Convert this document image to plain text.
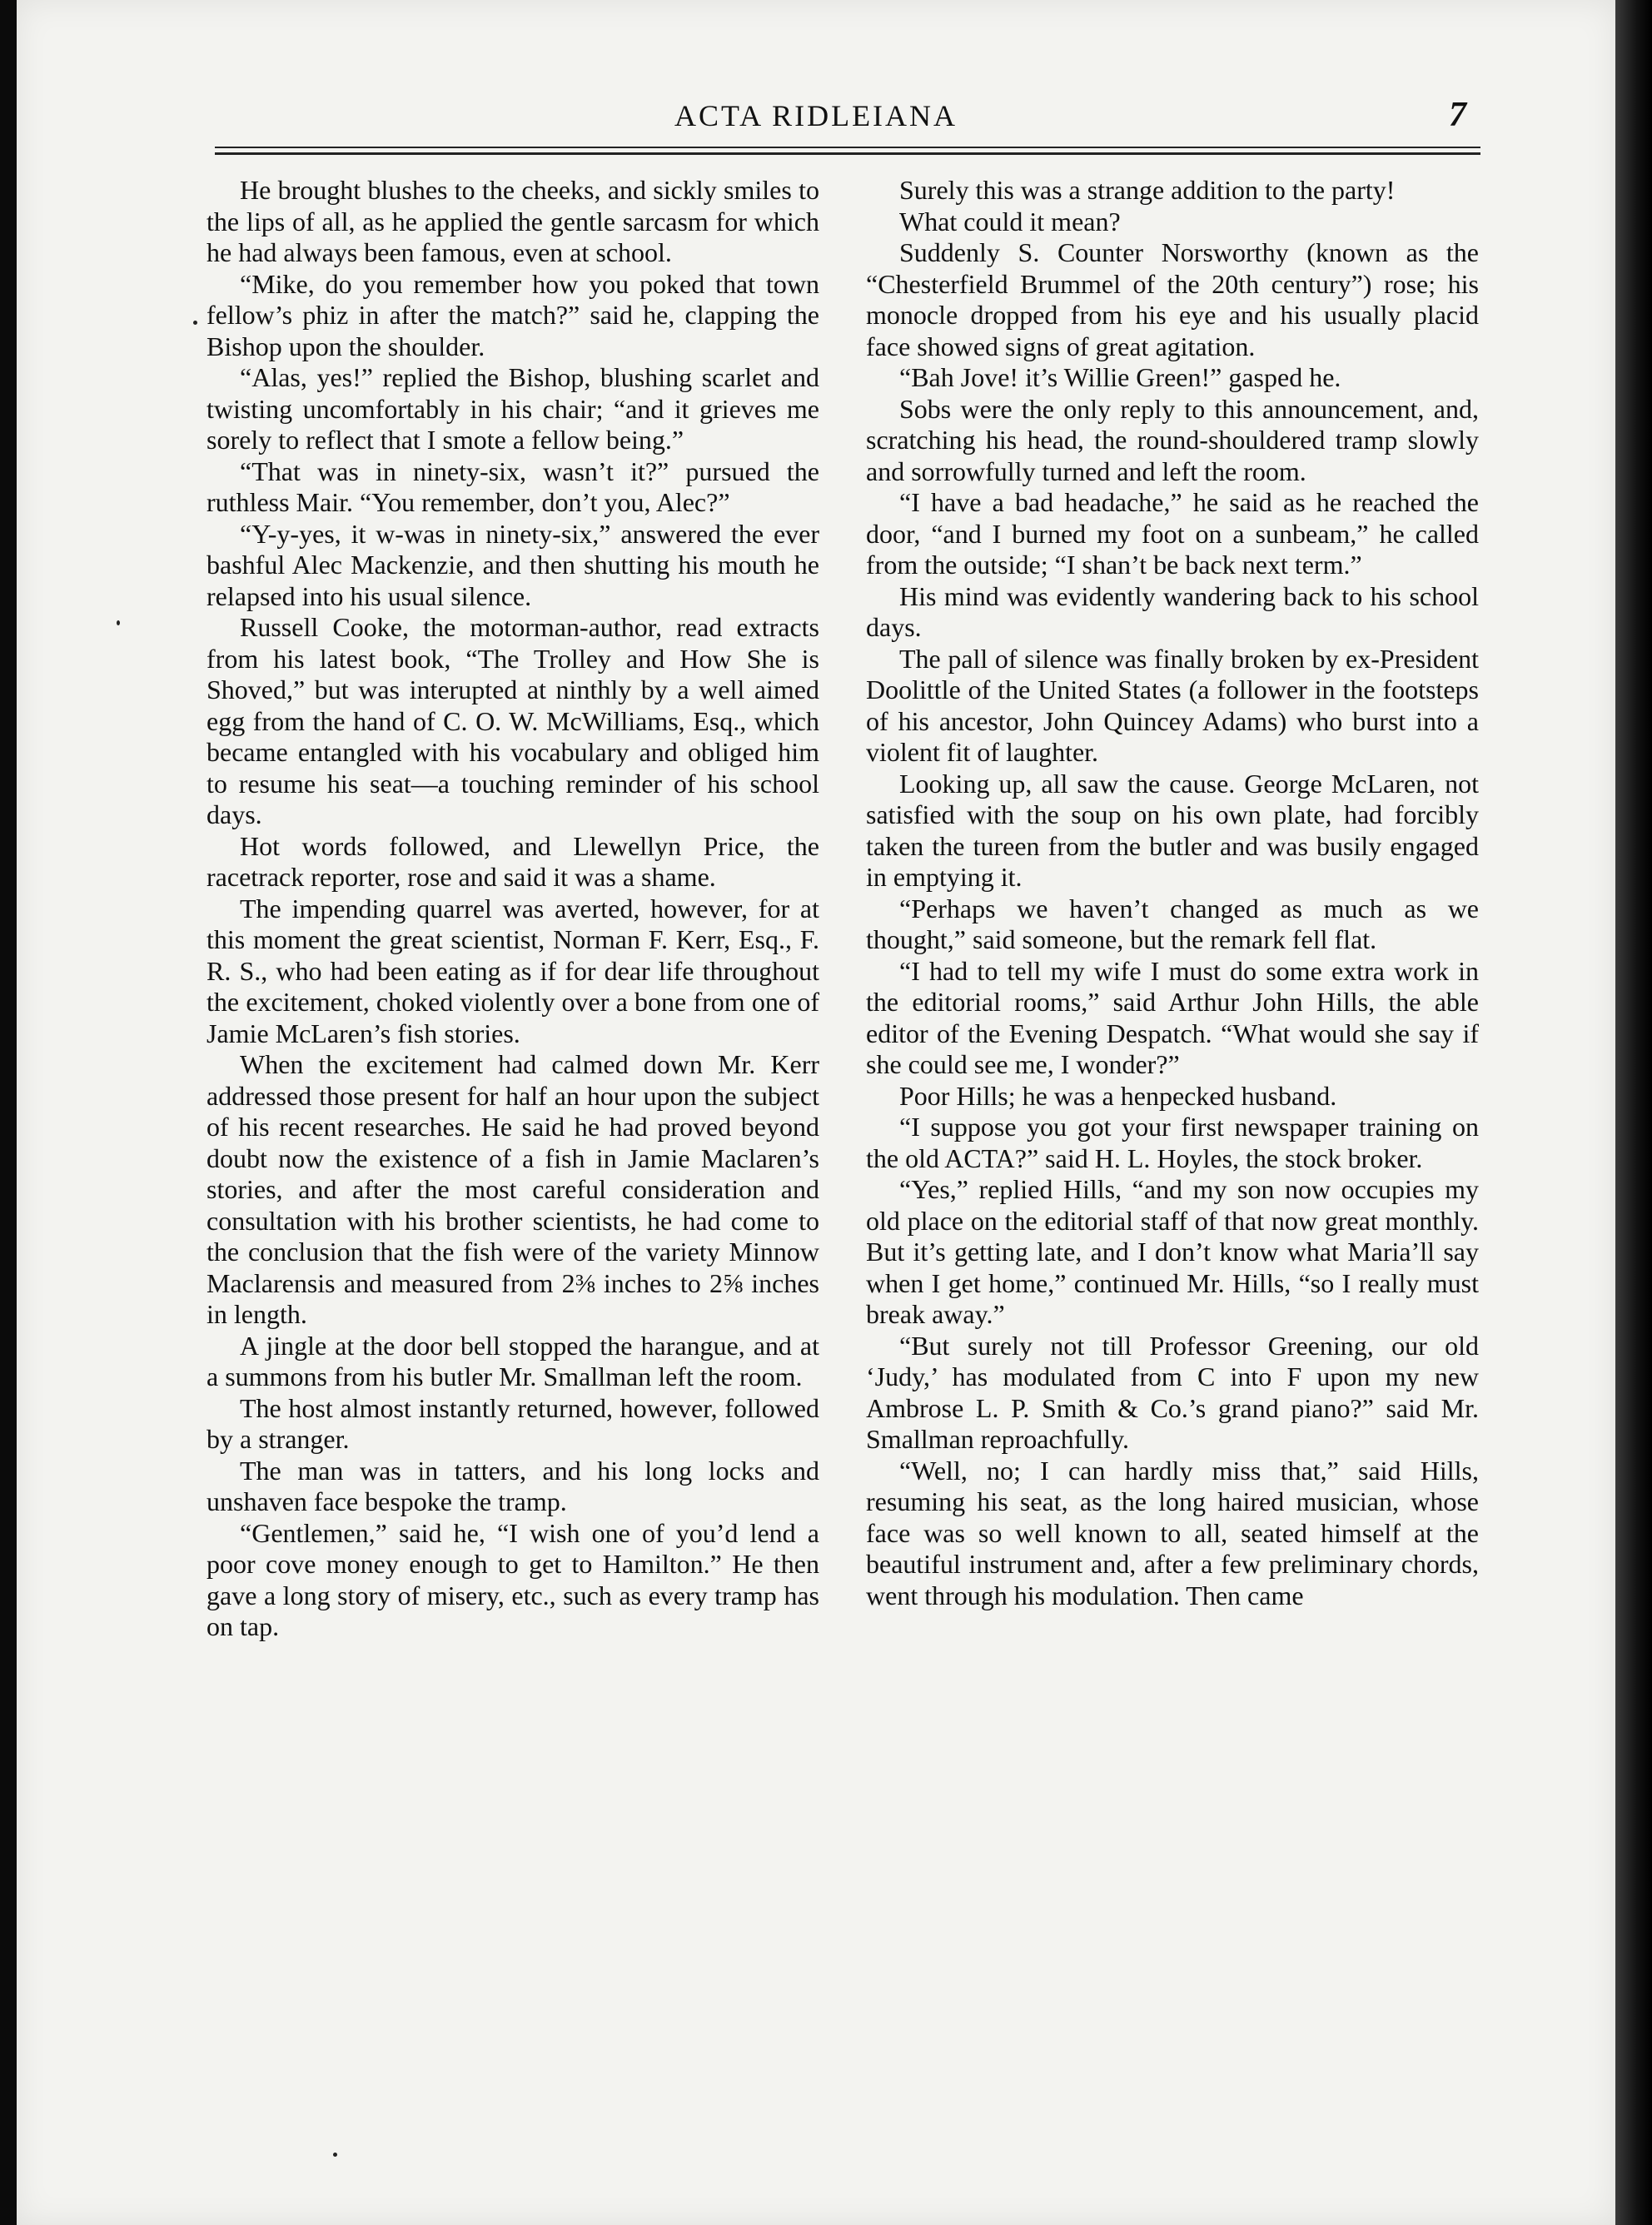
ACTA RIDLEIANA	7

He brought blushes to the cheeks, and sickly smiles to the lips of all, as he applied the gentle sarcasm for which he had always been famous, even at school.

“Mike, do you remember how you poked that town fellow’s phiz in after the match?” said he, clapping the Bishop upon the shoulder.

“Alas, yes!” replied the Bishop, blushing scarlet and twisting uncomfortably in his chair; “and it grieves me sorely to reflect that I smote a fellow being.”

“That was in ninety-six, wasn’t it?” pursued the ruthless Mair. “You remember, don’t you, Alec?”

“Y-y-yes, it w-was in ninety-six,” answered the ever bashful Alec Mackenzie, and then shutting his mouth he relapsed into his usual silence.

Russell Cooke, the motorman-author, read extracts from his latest book, “The Trolley and How She is Shoved,” but was interupted at ninthly by a well aimed egg from the hand of C. O. W. McWilliams, Esq., which became entangled with his vocabulary and obliged him to resume his seat—a touching reminder of his school days.

Hot words followed, and Llewellyn Price, the racetrack reporter, rose and said it was a shame.

The impending quarrel was averted, however, for at this moment the great scientist, Norman F. Kerr, Esq., F. R. S., who had been eating as if for dear life throughout the excitement, choked violently over a bone from one of Jamie McLaren’s fish stories.

When the excitement had calmed down Mr. Kerr addressed those present for half an hour upon the subject of his recent researches. He said he had proved beyond doubt now the existence of a fish in Jamie Maclaren’s stories, and after the most careful consideration and consultation with his brother scientists, he had come to the conclusion that the fish were of the variety Minnow Maclarensis and measured from 2⅜ inches to 2⅝ inches in length.

A jingle at the door bell stopped the harangue, and at a summons from his butler Mr. Smallman left the room.

The host almost instantly returned, however, followed by a stranger.

The man was in tatters, and his long locks and unshaven face bespoke the tramp.

“Gentlemen,” said he, “I wish one of you’d lend a poor cove money enough to get to Hamilton.” He then gave a long story of misery, etc., such as every tramp has on tap.

Surely this was a strange addition to the party!

What could it mean?

Suddenly S. Counter Norsworthy (known as the “Chesterfield Brummel of the 20th century”) rose; his monocle dropped from his eye and his usually placid face showed signs of great agitation.

“Bah Jove! it’s Willie Green!” gasped he.

Sobs were the only reply to this announcement, and, scratching his head, the round-shouldered tramp slowly and sorrowfully turned and left the room.

“I have a bad headache,” he said as he reached the door, “and I burned my foot on a sunbeam,” he called from the outside; “I shan’t be back next term.”

His mind was evidently wandering back to his school days.

The pall of silence was finally broken by ex-President Doolittle of the United States (a follower in the footsteps of his ancestor, John Quincey Adams) who burst into a violent fit of laughter.

Looking up, all saw the cause. George McLaren, not satisfied with the soup on his own plate, had forcibly taken the tureen from the butler and was busily engaged in emptying it.

“Perhaps we haven’t changed as much as we thought,” said someone, but the remark fell flat.

“I had to tell my wife I must do some extra work in the editorial rooms,” said Arthur John Hills, the able editor of the Evening Despatch. “What would she say if she could see me, I wonder?”

Poor Hills; he was a henpecked husband.

“I suppose you got your first newspaper training on the old ACTA?” said H. L. Hoyles, the stock broker.

“Yes,” replied Hills, “and my son now occupies my old place on the editorial staff of that now great monthly. But it’s getting late, and I don’t know what Maria’ll say when I get home,” continued Mr. Hills, “so I really must break away.”

“But surely not till Professor Greening, our old ‘Judy,’ has modulated from C into F upon my new Ambrose L. P. Smith & Co.’s grand piano?” said Mr. Smallman reproachfully.

“Well, no; I can hardly miss that,” said Hills, resuming his seat, as the long haired musician, whose face was so well known to all, seated himself at the beautiful instrument and, after a few preliminary chords, went through his modulation. Then came
